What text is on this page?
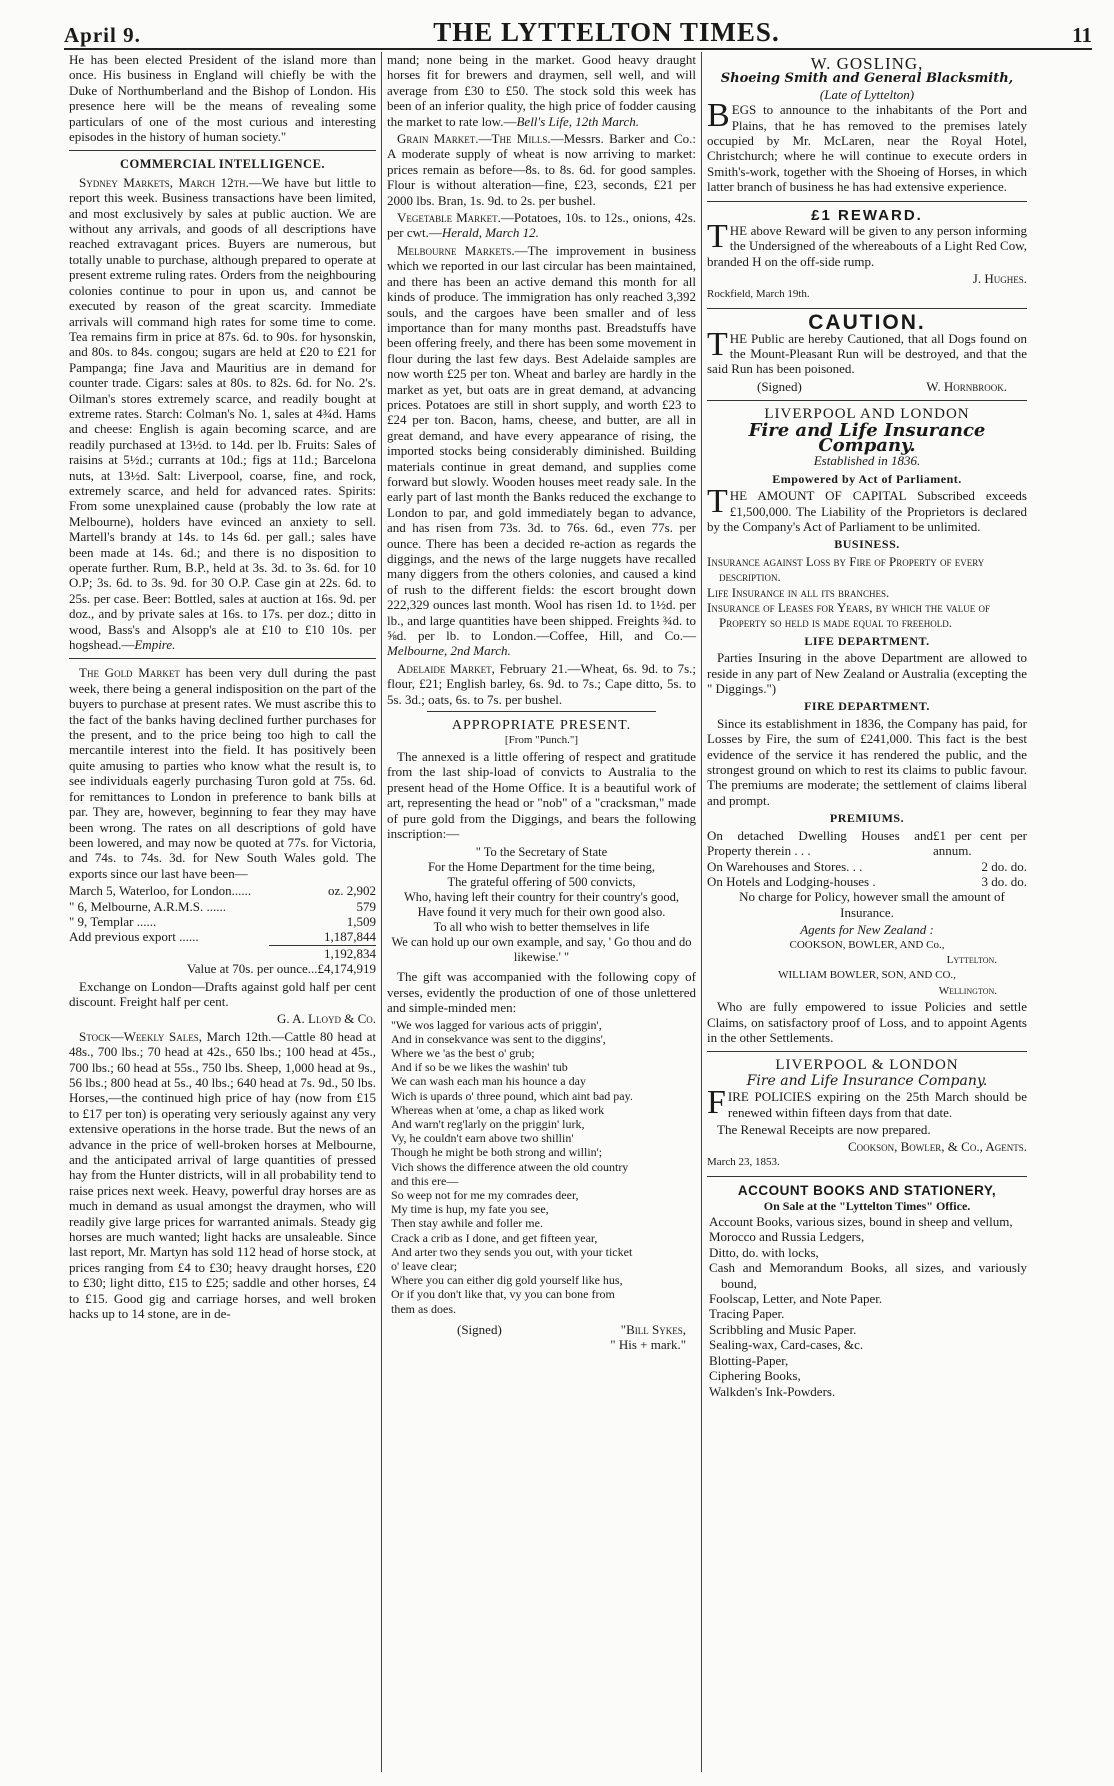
April 9.	THE LYTTELTON TIMES.	11

He has been elected President of the island more than once. His business in England will chiefly be with the Duke of Northumberland and the Bishop of London. His presence here will be the means of revealing some particulars of one of the most curious and interesting episodes in the history of human society."

COMMERCIAL INTELLIGENCE.

Sydney Markets, March 12th.—We have but little to report this week. Business transactions have been limited, and most exclusively by sales at public auction. We are without any arrivals, and goods of all descriptions have reached extravagant prices. Buyers are numerous, but totally unable to purchase, although prepared to operate at present extreme ruling rates. Orders from the neighbouring colonies continue to pour in upon us, and cannot be executed by reason of the great scarcity. Immediate arrivals will command high rates for some time to come. Tea remains firm in price at 87s. 6d. to 90s. for hysonskin, and 80s. to 84s. congou; sugars are held at £20 to £21 for Pampanga; fine Java and Mauritius are in demand for counter trade. Cigars: sales at 80s. to 82s. 6d. for No. 2's. Oilman's stores extremely scarce, and readily bought at extreme rates. Starch: Colman's No. 1, sales at 4¾d. Hams and cheese: English is again becoming scarce, and are readily purchased at 13½d. to 14d. per lb. Fruits: Sales of raisins at 5½d.; currants at 10d.; figs at 11d.; Barcelona nuts, at 13½d. Salt: Liverpool, coarse, fine, and rock, extremely scarce, and held for advanced rates. Spirits: From some unexplained cause (probably the low rate at Melbourne), holders have evinced an anxiety to sell. Martell's brandy at 14s. to 14s 6d. per gall.; sales have been made at 14s. 6d.; and there is no disposition to operate further. Rum, B.P., held at 3s. 3d. to 3s. 6d. for 10 O.P; 3s. 6d. to 3s. 9d. for 30 O.P. Case gin at 22s. 6d. to 25s. per case. Beer: Bottled, sales at auction at 16s. 9d. per doz., and by private sales at 16s. to 17s. per doz.; ditto in wood, Bass's and Alsopp's ale at £10 to £10 10s. per hogshead.—Empire.

The Gold Market has been very dull during the past week, there being a general indisposition on the part of the buyers to purchase at present rates. We must ascribe this to the fact of the banks having declined further purchases for the present, and to the price being too high to call the mercantile interest into the field. It has positively been quite amusing to parties who know what the result is, to see individuals eagerly purchasing Turon gold at 75s. 6d. for remittances to London in preference to bank bills at par. They are, however, beginning to fear they may have been wrong. The rates on all descriptions of gold have been lowered, and may now be quoted at 77s. for Victoria, and 74s. to 74s. 3d. for New South Wales gold. The exports since our last have been—

March 5, Waterloo, for London......	oz. 2,902
" 6, Melbourne, A.R.M.S. ......	579
" 9, Templar ......	1,509
Add previous export ......	1,187,844
1,192,834

Value at 70s. per ounce...£4,174,919

Exchange on London—Drafts against gold half per cent discount. Freight half per cent.

G. A. Lloyd & Co.

Stock—Weekly Sales, March 12th.—Cattle 80 head at 48s., 700 lbs.; 70 head at 42s., 650 lbs.; 100 head at 45s., 700 lbs.; 60 head at 55s., 750 lbs. Sheep, 1,000 head at 9s., 56 lbs.; 800 head at 5s., 40 lbs.; 640 head at 7s. 9d., 50 lbs. Horses,—the continued high price of hay (now from £15 to £17 per ton) is operating very seriously against any very extensive operations in the horse trade. But the news of an advance in the price of well-broken horses at Melbourne, and the anticipated arrival of large quantities of pressed hay from the Hunter districts, will in all probability tend to raise prices next week. Heavy, powerful dray horses are as much in demand as usual amongst the draymen, who will readily give large prices for warranted animals. Steady gig horses are much wanted; light hacks are unsaleable. Since last report, Mr. Martyn has sold 112 head of horse stock, at prices ranging from £4 to £30; heavy draught horses, £20 to £30; light ditto, £15 to £25; saddle and other horses, £4 to £15. Good gig and carriage horses, and well broken hacks up to 14 stone, are in de-

mand; none being in the market. Good heavy draught horses fit for brewers and draymen, sell well, and will average from £30 to £50. The stock sold this week has been of an inferior quality, the high price of fodder causing the market to rate low.—Bell's Life, 12th March.

Grain Market.—The Mills.—Messrs. Barker and Co.: A moderate supply of wheat is now arriving to market: prices remain as before—8s. to 8s. 6d. for good samples. Flour is without alteration—fine, £23, seconds, £21 per 2000 lbs. Bran, 1s. 9d. to 2s. per bushel.

Vegetable Market.—Potatoes, 10s. to 12s., onions, 42s. per cwt.—Herald, March 12.

Melbourne Markets.—The improvement in business which we reported in our last circular has been maintained, and there has been an active demand this month for all kinds of produce. The immigration has only reached 3,392 souls, and the cargoes have been smaller and of less importance than for many months past. Breadstuffs have been offering freely, and there has been some movement in flour during the last few days. Best Adelaide samples are now worth £25 per ton. Wheat and barley are hardly in the market as yet, but oats are in great demand, at advancing prices. Potatoes are still in short supply, and worth £23 to £24 per ton. Bacon, hams, cheese, and butter, are all in great demand, and have every appearance of rising, the imported stocks being considerably diminished. Building materials continue in great demand, and supplies come forward but slowly. Wooden houses meet ready sale. In the early part of last month the Banks reduced the exchange to London to par, and gold immediately began to advance, and has risen from 73s. 3d. to 76s. 6d., even 77s. per ounce. There has been a decided re-action as regards the diggings, and the news of the large nuggets have recalled many diggers from the others colonies, and caused a kind of rush to the different fields: the escort brought down 222,329 ounces last month. Wool has risen 1d. to 1½d. per lb., and large quantities have been shipped. Freights ¾d. to ⅝d. per lb. to London.—Coffee, Hill, and Co.—Melbourne, 2nd March.

Adelaide Market, February 21.—Wheat, 6s. 9d. to 7s.; flour, £21; English barley, 6s. 9d. to 7s.; Cape ditto, 5s. to 5s. 3d.; oats, 6s. to 7s. per bushel.

APPROPRIATE PRESENT.
[From "Punch."]

The annexed is a little offering of respect and gratitude from the last ship-load of convicts to Australia to the present head of the Home Office. It is a beautiful work of art, representing the head or "nob" of a "cracksman," made of pure gold from the Diggings, and bears the following inscription:—

" To the Secretary of State
For the Home Department for the time being,
The grateful offering of 500 convicts,
Who, having left their country for their country's good,
Have found it very much for their own good also.
To all who wish to better themselves in life
We can hold up our own example, and say, ' Go thou and do likewise.' "

The gift was accompanied with the following copy of verses, evidently the production of one of those unlettered and simple-minded men:

"We wos lagged for various acts of priggin',
And in consekvance was sent to the diggins',
Where we 'as the best o' grub;
And if so be we likes the washin' tub
We can wash each man his hounce a day
Wich is upards o' three pound, which aint bad pay.
Whereas when at 'ome, a chap as liked work
And warn't reg'larly on the priggin' lurk,
Vy, he couldn't earn above two shillin'
Though he might be both strong and willin';
Vich shows the difference atween the old country
and this ere—
So weep not for me my comrades deer,
My time is hup, my fate you see,
Then stay awhile and foller me.
Crack a crib as I done, and get fifteen year,
And arter two they sends you out, with your ticket
o' leave clear;
Where you can either dig gold yourself like hus,
Or if you don't like that, vy you can bone from
them as does.
(Signed)	"Bill Sykes,
" His + mark."
W. GOSLING,
Shoeing Smith and General Blacksmith,
(Late of Lyttelton)

BEGS to announce to the inhabitants of the Port and Plains, that he has removed to the premises lately occupied by Mr. McLaren, near the Royal Hotel, Christchurch; where he will continue to execute orders in Smith's-work, together with the Shoeing of Horses, in which latter branch of business he has had extensive experience.

£1 REWARD.

THE above Reward will be given to any person informing the Undersigned of the whereabouts of a Light Red Cow, branded H on the off-side rump.

J. Hughes.
Rockfield, March 19th.
CAUTION.

THE Public are hereby Cautioned, that all Dogs found on the Mount-Pleasant Run will be destroyed, and that the said Run has been poisoned.

(Signed)	W. Hornbrook.
LIVERPOOL AND LONDON
Fire and Life Insurance Company.
Established in 1836.
Empowered by Act of Parliament.

THE AMOUNT OF CAPITAL Subscribed exceeds £1,500,000. The Liability of the Proprietors is declared by the Company's Act of Parliament to be unlimited.

BUSINESS.
Insurance against Loss by Fire of Property of every description.
Life Insurance in all its branches.
Insurance of Leases for Years, by which the value of Property so held is made equal to freehold.
LIFE DEPARTMENT.

Parties Insuring in the above Department are allowed to reside in any part of New Zealand or Australia (excepting the " Diggings.")

FIRE DEPARTMENT.

Since its establishment in 1836, the Company has paid, for Losses by Fire, the sum of £241,000. This fact is the best evidence of the service it has rendered the public, and the strongest ground on which to rest its claims to public favour. The premiums are moderate; the settlement of claims liberal and prompt.

PREMIUMS.
On detached Dwelling Houses and Property therein . . .
£1 per cent per annum.
On Warehouses and Stores. . .	2 do. do.
On Hotels and Lodging-houses .	3 do. do.

No charge for Policy, however small the amount of Insurance.

Agents for New Zealand :
COOKSON, BOWLER, AND Co.,
Lyttelton.
WILLIAM BOWLER, SON, AND CO.,
Wellington.

Who are fully empowered to issue Policies and settle Claims, on satisfactory proof of Loss, and to appoint Agents in the other Settlements.

LIVERPOOL & LONDON
Fire and Life Insurance Company.

FIRE POLICIES expiring on the 25th March should be renewed within fifteen days from that date.

The Renewal Receipts are now prepared.

Cookson, Bowler, & Co., Agents.
March 23, 1853.
ACCOUNT BOOKS AND STATIONERY,
On Sale at the "Lyttelton Times" Office.
Account Books, various sizes, bound in sheep and vellum,
Morocco and Russia Ledgers,
Ditto, do. with locks,
Cash and Memorandum Books, all sizes, and variously bound,
Foolscap, Letter, and Note Paper.
Tracing Paper.
Scribbling and Music Paper.
Sealing-wax, Card-cases, &c.
Blotting-Paper,
Ciphering Books,
Walkden's Ink-Powders.
